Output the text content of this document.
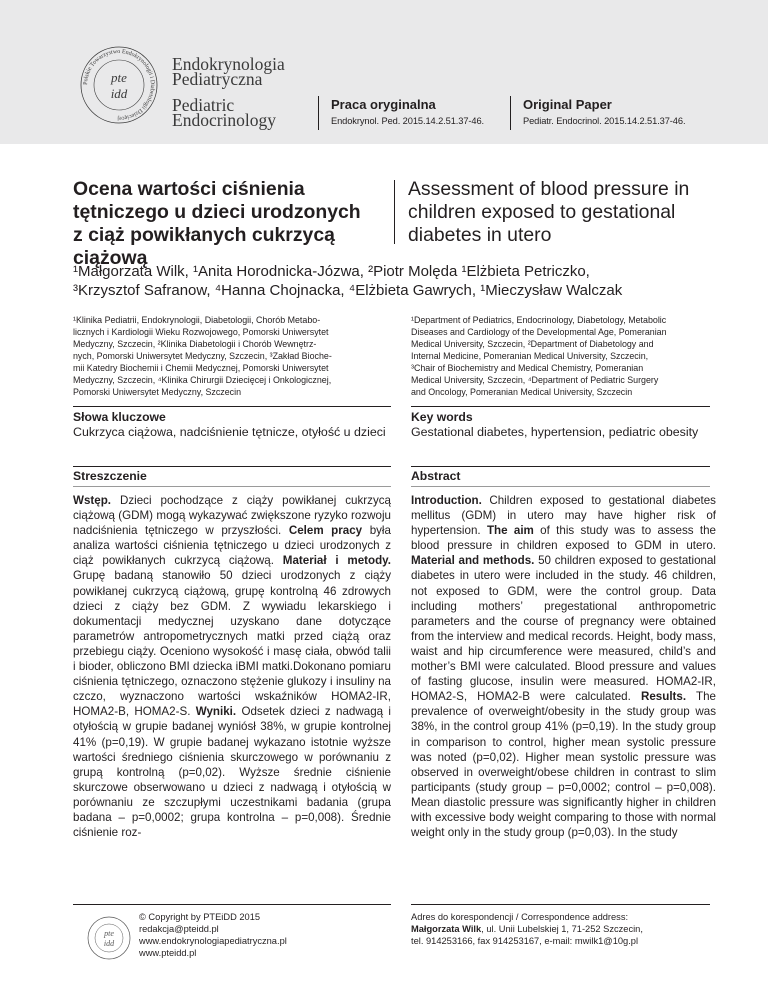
Polskie Towarzystwo Endokrynologii i Diabetologii Dziecięcej
pte
idd
Endokrynologia
Pediatryczna
Pediatric
Endocrinology
Praca oryginalna
Endokrynol. Ped. 2015.14.2.51.37-46.
Original Paper
Pediatr. Endocrinol. 2015.14.2.51.37-46.
Ocena wartości ciśnienia tętniczego u dzieci urodzonych z ciąż powikłanych cukrzycą ciążową
Assessment of blood pressure in children exposed to gestational diabetes in utero
¹Małgorzata Wilk, ¹Anita Horodnicka-Józwa, ²Piotr Molęda ¹Elżbieta Petriczko,
³Krzysztof Safranow, ⁴Hanna Chojnacka, ⁴Elżbieta Gawrych, ¹Mieczysław Walczak
¹Klinika Pediatrii, Endokrynologii, Diabetologii, Chorób Metabo-
licznych i Kardiologii Wieku Rozwojowego, Pomorski Uniwersytet
Medyczny, Szczecin, ²Klinika Diabetologii i Chorób Wewnętrz-
nych, Pomorski Uniwersytet Medyczny, Szczecin, ³Zakład Bioche-
mii Katedry Biochemii i Chemii Medycznej, Pomorski Uniwersytet
Medyczny, Szczecin, ⁴Klinika Chirurgii Dziecięcej i Onkologicznej,
Pomorski Uniwersytet Medyczny, Szczecin
¹Department of Pediatrics, Endocrinology, Diabetology, Metabolic
Diseases and Cardiology of the Developmental Age, Pomeranian
Medical University, Szczecin, ²Department of Diabetology and
Internal Medicine, Pomeranian Medical University, Szczecin,
³Chair of Biochemistry and Medical Chemistry, Pomeranian
Medical University, Szczecin, ⁴Department of Pediatric Surgery
and Oncology, Pomeranian Medical University, Szczecin
Słowa kluczowe
Cukrzyca ciążowa, nadciśnienie tętnicze, otyłość u dzieci
Key words
Gestational diabetes, hypertension, pediatric obesity
Streszczenie	Abstract
Wstęp. Dzieci pochodzące z ciąży powikłanej cukrzycą ciążową (GDM) mogą wykazywać zwiększone ryzyko rozwoju nadciśnienia tętniczego w przyszłości. Celem pracy była analiza wartości ciśnienia tętniczego u dzieci urodzonych z ciąż powikłanych cukrzycą ciążową. Materiał i metody. Grupę badaną stanowiło 50 dzieci urodzonych z ciąży powikłanej cukrzycą ciążową, grupę kontrolną 46 zdrowych dzieci z ciąży bez GDM. Z wywiadu lekarskiego i dokumentacji medycznej uzyskano dane dotyczące parametrów antropometrycznych matki przed ciążą oraz przebiegu ciąży. Oceniono wysokość i masę ciała, obwód talii i bioder, obliczono BMI dziecka iBMI matki.Dokonano pomiaru ciśnienia tętniczego, oznaczono stężenie glukozy i insuliny na czczo, wyznaczono wartości wskaźników HOMA2-IR, HOMA2-B, HOMA2-S. Wyniki. Odsetek dzieci z nadwagą i otyłością w grupie badanej wyniósł 38%, w grupie kontrolnej 41% (p=0,19). W grupie badanej wykazano istotnie wyższe wartości średniego ciśnienia skurczowego w porównaniu z grupą kontrolną (p=0,02). Wyższe średnie ciśnienie skurczowe obserwowano u dzieci z nadwagą i otyłością w porównaniu ze szczupłymi uczestnikami badania (grupa badana – p=0,0002; grupa kontrolna – p=0,008). Średnie ciśnienie roz-
Introduction. Children exposed to gestational diabetes mellitus (GDM) in utero may have higher risk of hypertension. The aim of this study was to assess the blood pressure in children exposed to GDM in utero. Material and methods. 50 children exposed to gestational diabetes in utero were included in the study. 46 children, not exposed to GDM, were the control group. Data including mothers’ pregestational anthropometric parameters and the course of pregnancy were obtained from the interview and medical records. Height, body mass, waist and hip circumference were measured, child’s and mother’s BMI were calculated. Blood pressure and values of fasting glucose, insulin were measured. HOMA2-IR, HOMA2-S, HOMA2-B were calculated. Results. The prevalence of overweight/obesity in the study group was 38%, in the control group 41% (p=0,19). In the study group in comparison to control, higher mean systolic pressure was noted (p=0,02). Higher mean systolic pressure was observed in overweight/obese children in contrast to slim participants (study group – p=0,0002; control – p=0,008). Mean diastolic pressure was significantly higher in children with excessive body weight comparing to those with normal weight only in the study group (p=0,03). In the study
pte
idd
© Copyright by PTEiDD 2015
redakcja@pteidd.pl
www.endokrynologiapediatryczna.pl
www.pteidd.pl
Adres do korespondencji / Correspondence address:
Małgorzata Wilk, ul. Unii Lubelskiej 1, 71-252 Szczecin,
tel. 914253166, fax 914253167, e-mail: mwilk1@10g.pl
